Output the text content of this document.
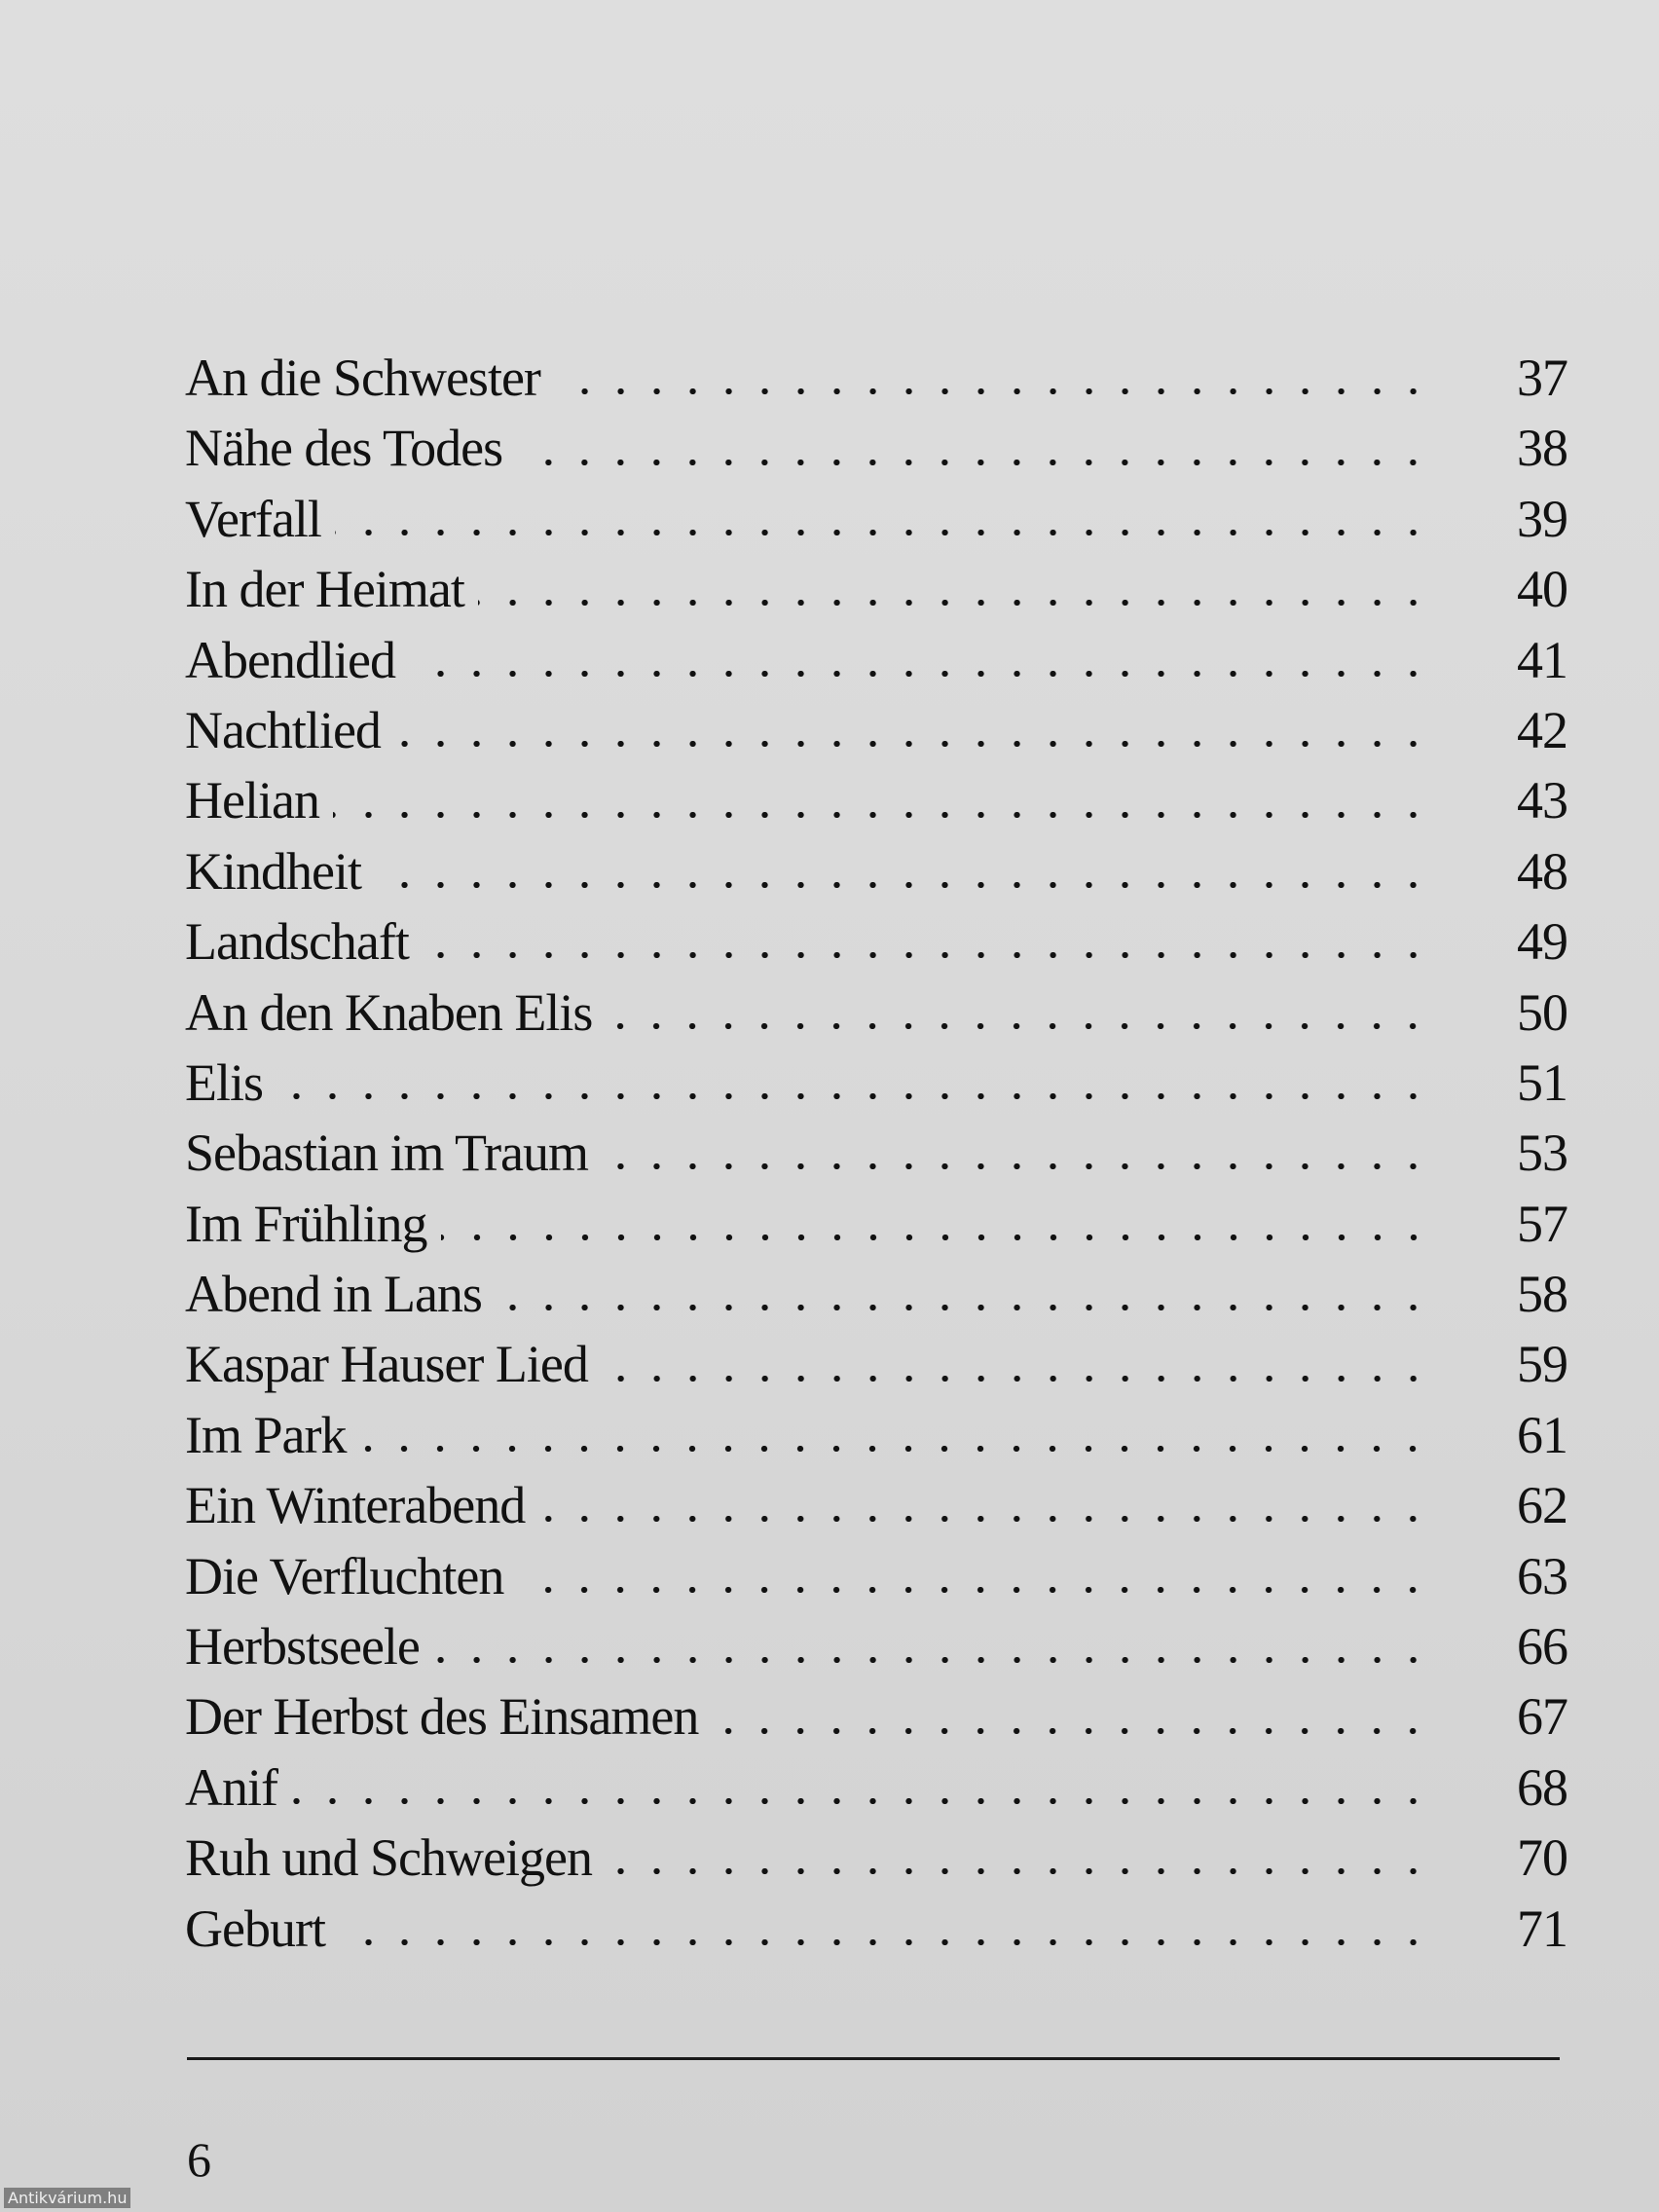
An die Schwester	37
Nähe des Todes	38
Verfall	39
In der Heimat	40
Abendlied	41
Nachtlied	42
Helian	43
Kindheit	48
Landschaft	49
An den Knaben Elis	50
Elis	51
Sebastian im Traum	53
Im Frühling	57
Abend in Lans	58
Kaspar Hauser Lied	59
Im Park	61
Ein Winterabend	62
Die Verfluchten	63
Herbstseele	66
Der Herbst des Einsamen	67
Anif	68
Ruh und Schweigen	70
Geburt	71
6
Antikvárium.hu
